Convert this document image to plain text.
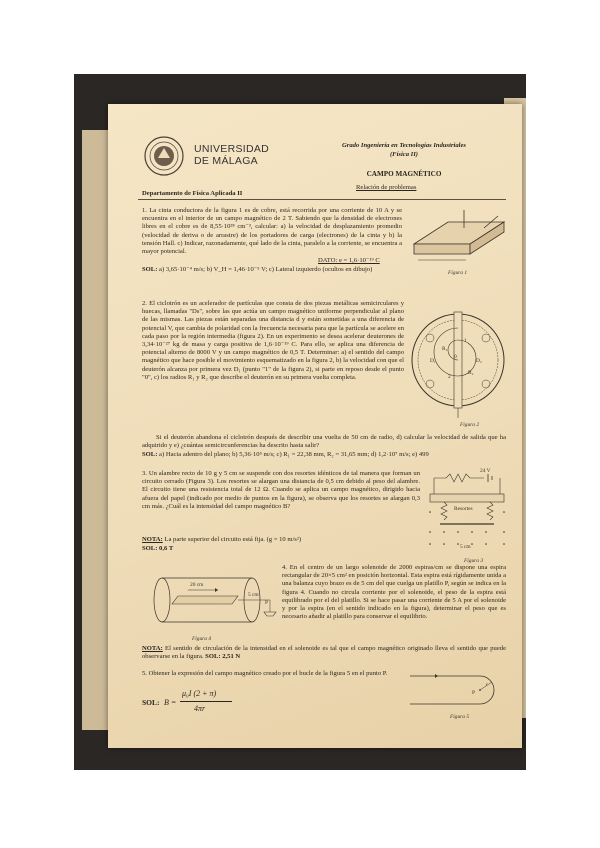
UNIVERSIDAD
DE MÁLAGA
Grado Ingeniería en Tecnologías Industriales
(Física II)
CAMPO MAGNÉTICO
Departamento de Física Aplicada II
Relación de problemas
1. La cinta conductora de la figura 1 es de cobre, está recorrida por una corriente de 10 A y se encuentra en el interior de un campo magnético de 2 T. Sabiendo que la densidad de electrones libres en el cobre es de 8,55·10²⁸ cm⁻³, calcular: a) la velocidad de desplazamiento promedio (velocidad de deriva o de arrastre) de los portadores de carga (electrones) de la cinta y b) la tensión Hall. c) Indicar, razonadamente, qué lado de la cinta, paralelo a la corriente, se encuentra a mayor potencial.
DATO: e = 1,6·10⁻¹⁹ C
SOL: a) 3,65·10⁻⁴ m/s; b) V_H = 1,46·10⁻⁵ V; c) Lateral izquierdo (ocultos en dibujo)	Figura 1
2. El ciclotrón es un acelerador de partículas que consta de dos piezas metálicas semicirculares y huecas, llamadas "Ds", sobre las que actúa un campo magnético uniforme perpendicular al plano de las mismas. Las piezas están separadas una distancia d y están sometidas a una diferencia de potencial V, que cambia de polaridad con la frecuencia necesaria para que la partícula se acelere en cada paso por la región intermedia (figura 2). En un experimento se desea acelerar deuterones de 3,34·10⁻²⁷ kg de masa y carga positiva de 1,6·10⁻¹⁹ C. Para ello, se aplica una diferencia de potencial alterno de 8000 V y un campo magnético de 0,5 T. Determinar: a) el sentido del campo magnético que hace posible el movimiento esquematizado en la figura 2, b) la velocidad con que el deuterón alcanza por primera vez D₁ (punto "1" de la figura 2), si parte en reposo desde el punto "0", c) los radios R₁ y R₂ que describe el deuterón en su primera vuelta completa.
D₁	D₂
0
1
2
R₁
R₂
Figura 2
Si el deuterón abandona el ciclotrón después de describir una vuelta de 50 cm de radio, d) calcular la velocidad de salida que ha adquirido y e) ¿cuántas semicircunferencias ha descrito hasta salir?
SOL: a) Hacia adentro del plano; b) 5,36·10⁵ m/s; c) R₁ = 22,38 mm, R₂ = 31,65 mm; d) 1,2·10⁷ m/s; e) 499
3. Un alambre recto de 10 g y 5 cm se suspende con dos resortes idénticos de tal manera que forman un circuito cerrado (Figura 3). Los resortes se alargan una distancia de 0,5 cm debido al peso del alambre. El circuito tiene una resistencia total de 12 Ω. Cuando se aplica un campo magnético, dirigido hacia afuera del papel (indicado por medio de puntos en la figura), se observa que los resortes se alargan 0,3 cm más. ¿Cuál es la intensidad del campo magnético B?
NOTA: La parte superior del circuito está fija. (g = 10 m/s²)
SOL: 0,6 T
24 V
Resortes
5 cm
Figura 3
P
20 cm
5 cm
Figura 4
4. En el centro de un largo solenoide de 2000 espiras/cm se dispone una espira rectangular de 20×5 cm² en posición horizontal. Esta espira está rígidamente unida a una balanza cuyo brazo es de 5 cm del que cuelga un platillo P, según se indica en la figura 4. Cuando no circula corriente por el solenoide, el peso de la espira está equilibrado por el del platillo. Si se hace pasar una corriente de 5 A por el solenoide y por la espira (en el sentido indicado en la figura), determinar el peso que es necesario añadir al platillo para conservar el equilibrio.
NOTA: El sentido de circulación de la intensidad en el solenoide es tal que el campo magnético originado lleva el sentido que puede observarse en la figura. SOL: 2,51 N
5. Obtener la expresión del campo magnético creado por el bucle de la figura 5 en el punto P.
SOL: B =
μ₀I (2 + π)
4πr
P
r
Figura 5
